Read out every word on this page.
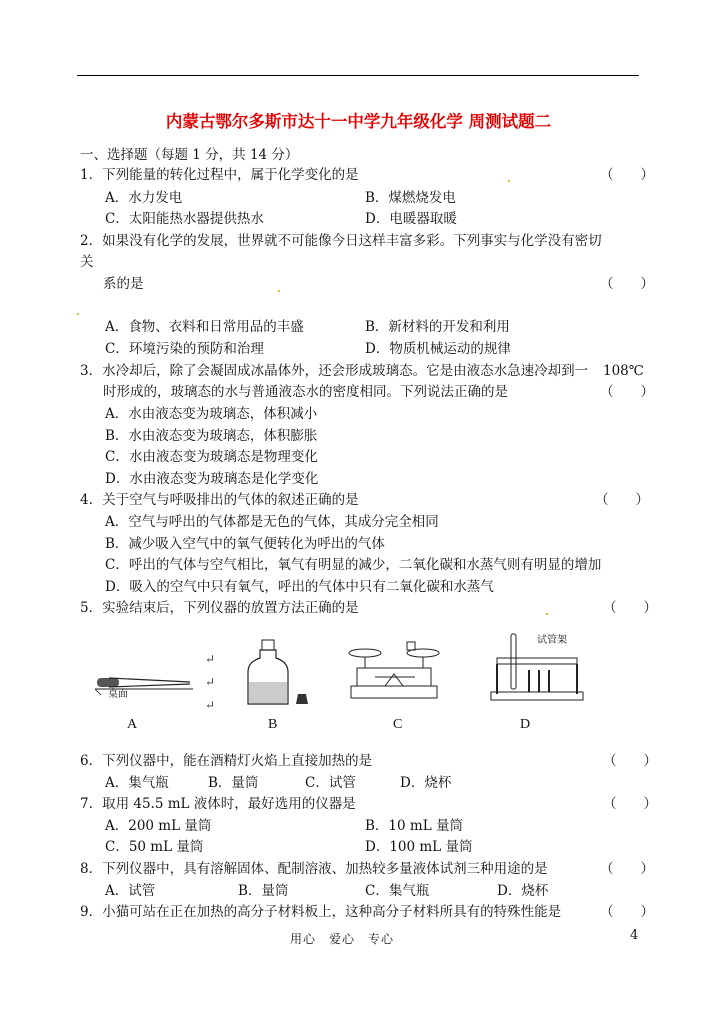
内蒙古鄂尔多斯市达十一中学九年级化学 周测试题二
一、选择题（每题 1 分，共 14 分）
1．下列能量的转化过程中，属于化学变化的是	（　　）
A．水力发电	B．煤燃烧发电
C．太阳能热水器提供热水	D．电暖器取暖
2．如果没有化学的发展，世界就不可能像今日这样丰富多彩。下列事实与化学没有密切
关
系的是	（　　）
A．食物、衣料和日常用品的丰盛	B．新材料的开发和利用
C．环境污染的预防和治理	D．物质机械运动的规律
3．水冷却后，除了会凝固成冰晶体外，还会形成玻璃态。它是由液态水急速冷却到一 108℃
时形成的，玻璃态的水与普通液态水的密度相同。下列说法正确的是	（　　）
A．水由液态变为玻璃态，体积减小
B．水由液态变为玻璃态，体积膨胀
C．水由液态变为玻璃态是物理变化
D．水由液态变为玻璃态是化学变化
4．关于空气与呼吸排出的气体的叙述正确的是	（　　）
A．空气与呼出的气体都是无色的气体，其成分完全相同
B．减少吸入空气中的氧气便转化为呼出的气体
C．呼出的气体与空气相比，氧气有明显的减少，二氧化碳和水蒸气则有明显的增加
D．吸入的空气中只有氧气，呼出的气体中只有二氧化碳和水蒸气
5．实验结束后，下列仪器的放置方法正确的是	（　　）
桌面
↵
↵
↵
试管架
A	B	C	D
6．下列仪器中，能在酒精灯火焰上直接加热的是	（　　）
A．集气瓶	B．量筒	C．试管	D．烧杯
7．取用 45.5 mL 液体时，最好选用的仪器是	（　　）
A．200 mL 量筒	B．10 mL 量筒
C．50 mL 量筒	D．100 mL 量筒
8．下列仪器中，具有溶解固体、配制溶液、加热较多量液体试剂三种用途的是	（　　）
A．试管	B．量筒	C．集气瓶	D．烧杯
9．小猫可站在正在加热的高分子材料板上，这种高分子材料所具有的特殊性能是	（　　）
用心　爱心　专心	4
